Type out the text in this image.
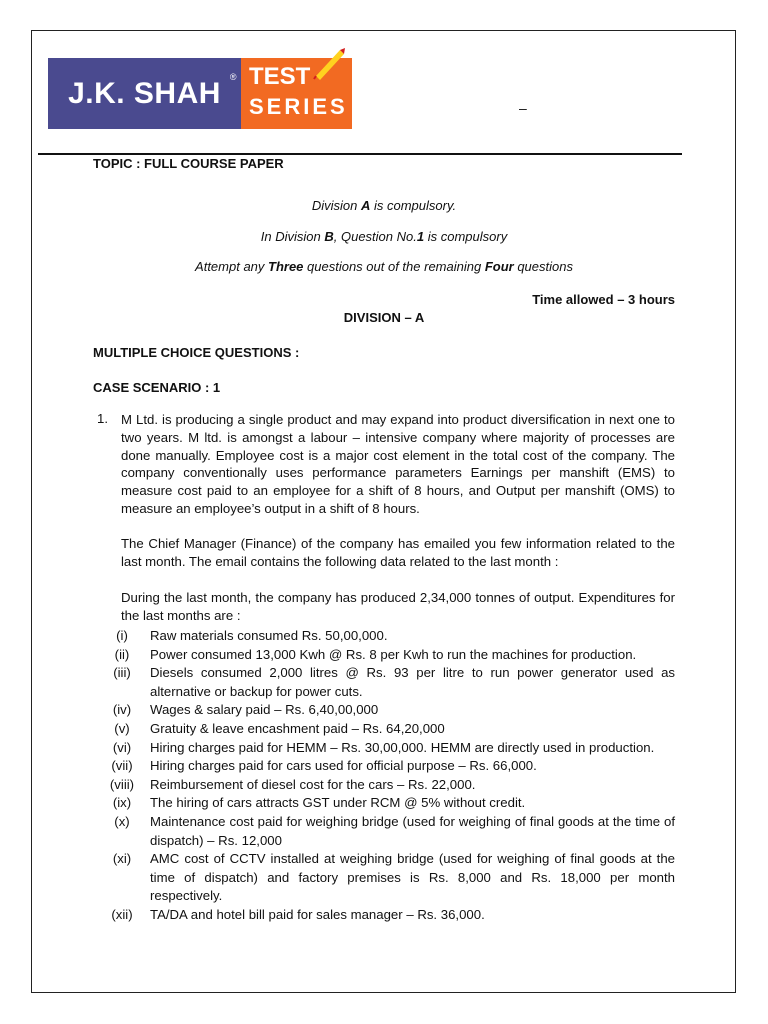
J.K. SHAH ® TEST
SERIES	–
TOPIC : FULL COURSE PAPER
Division A is compulsory.
In Division B, Question No.1 is compulsory
Attempt any Three questions out of the remaining Four questions
Time allowed – 3 hours
DIVISION – A
MULTIPLE CHOICE QUESTIONS :
CASE SCENARIO : 1
1. M Ltd. is producing a single product and may expand into product diversification in next one to two years. M ltd. is amongst a labour – intensive company where majority of processes are done manually. Employee cost is a major cost element in the total cost of the company. The company conventionally uses performance parameters Earnings per manshift (EMS) to measure cost paid to an employee for a shift of 8 hours, and Output per manshift (OMS) to measure an employee’s output in a shift of 8 hours.
The Chief Manager (Finance) of the company has emailed you few information related to the last month. The email contains the following data related to the last month :
During the last month, the company has produced 2,34,000 tonnes of output. Expenditures for the last months are :
(i)	Raw materials consumed Rs. 50,00,000.
(ii)	Power consumed 13,000 Kwh @ Rs. 8 per Kwh to run the machines for production.
(iii)	Diesels consumed 2,000 litres @ Rs. 93 per litre to run power generator used as alternative or backup for power cuts.
(iv)	Wages & salary paid – Rs. 6,40,00,000
(v)	Gratuity & leave encashment paid – Rs. 64,20,000
(vi)	Hiring charges paid for HEMM – Rs. 30,00,000. HEMM are directly used in production.
(vii)	Hiring charges paid for cars used for official purpose – Rs. 66,000.
(viii)	Reimbursement of diesel cost for the cars – Rs. 22,000.
(ix)	The hiring of cars attracts GST under RCM @ 5% without credit.
(x)	Maintenance cost paid for weighing bridge (used for weighing of final goods at the time of dispatch) – Rs. 12,000
(xi)	AMC cost of CCTV installed at weighing bridge (used for weighing of final goods at the time of dispatch) and factory premises is Rs. 8,000 and Rs. 18,000 per month respectively.
(xii)	TA/DA and hotel bill paid for sales manager – Rs. 36,000.
